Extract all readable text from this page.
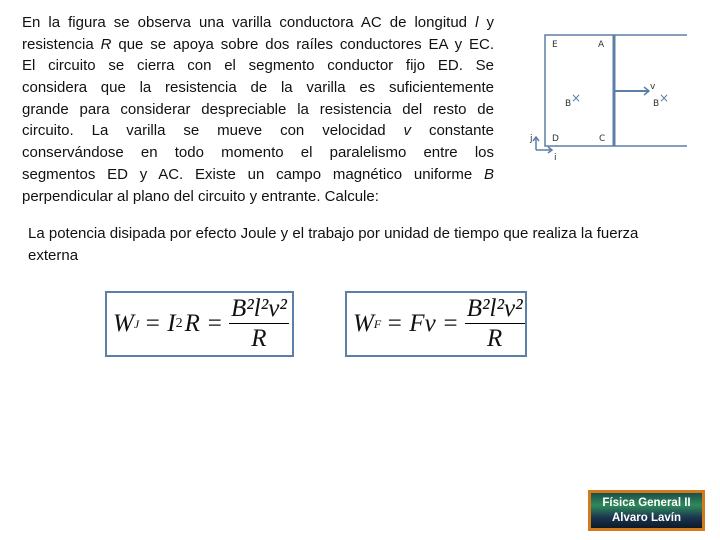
En la figura se observa una varilla conductora AC de longitud l y
resistencia R que se apoya sobre dos raíles conductores EA y EC.
El circuito se cierra con el segmento conductor fijo ED. Se
considera que la resistencia de la varilla es suficientemente
grande para considerar despreciable la resistencia del resto de
circuito. La varilla se mueve con velocidad v constante
conservándose en todo momento el paralelismo entre los
segmentos ED y AC. Existe un campo magnético uniforme B
perpendicular al plano del circuito y entrante. Calcule:
E	A
D	C
B ×	B ×
v
j
i
La potencia disipada por efecto Joule y el trabajo por unidad de tiempo que realiza la fuerza externa
W J = I 2 $R = \frac{\text{B²l²v²}}{R}$	W $F = Fv = \frac{\text{B²l²v²}}{R}$
Física General II
Alvaro Lavín
